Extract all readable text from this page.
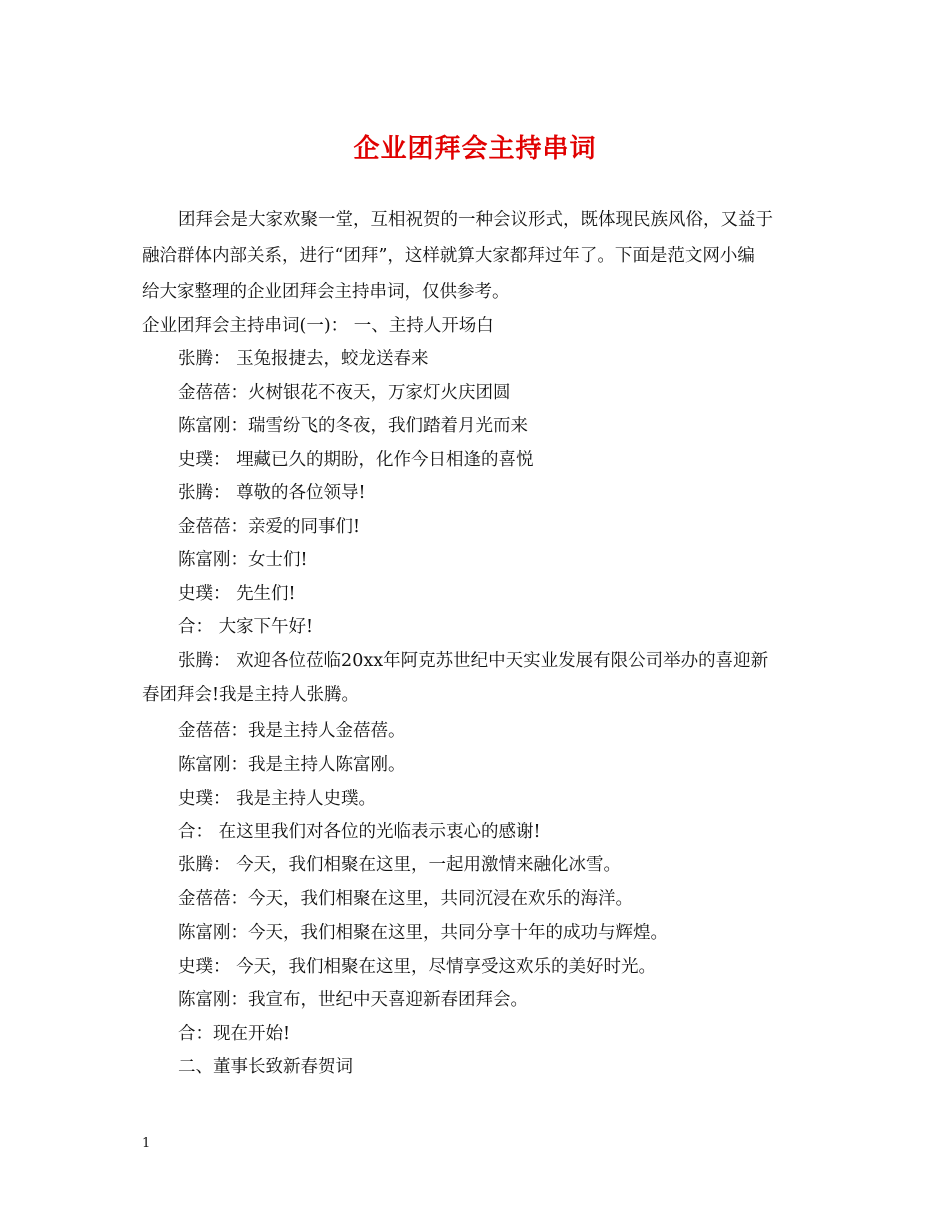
企业团拜会主持串词
团拜会是大家欢聚一堂，互相祝贺的一种会议形式，既体现民族风俗，又益于
融洽群体内部关系，进行“团拜”，这样就算大家都拜过年了。下面是范文网小编
给大家整理的企业团拜会主持串词，仅供参考。
企业团拜会主持串词(一)： 一、主持人开场白
张腾： 玉兔报捷去，蛟龙送春来
金蓓蓓：火树银花不夜天，万家灯火庆团圆
陈富刚：瑞雪纷飞的冬夜，我们踏着月光而来
史璞： 埋藏已久的期盼，化作今日相逢的喜悦
张腾： 尊敬的各位领导!
金蓓蓓：亲爱的同事们!
陈富刚：女士们!
史璞： 先生们!
合： 大家下午好!
张腾： 欢迎各位莅临20xx年阿克苏世纪中天实业发展有限公司举办的喜迎新
春团拜会!我是主持人张腾。
金蓓蓓：我是主持人金蓓蓓。
陈富刚：我是主持人陈富刚。
史璞： 我是主持人史璞。
合： 在这里我们对各位的光临表示衷心的感谢!
张腾： 今天，我们相聚在这里，一起用激情来融化冰雪。
金蓓蓓：今天，我们相聚在这里，共同沉浸在欢乐的海洋。
陈富刚：今天，我们相聚在这里，共同分享十年的成功与辉煌。
史璞： 今天，我们相聚在这里，尽情享受这欢乐的美好时光。
陈富刚：我宣布，世纪中天喜迎新春团拜会。
合：现在开始!
二、董事长致新春贺词
1
